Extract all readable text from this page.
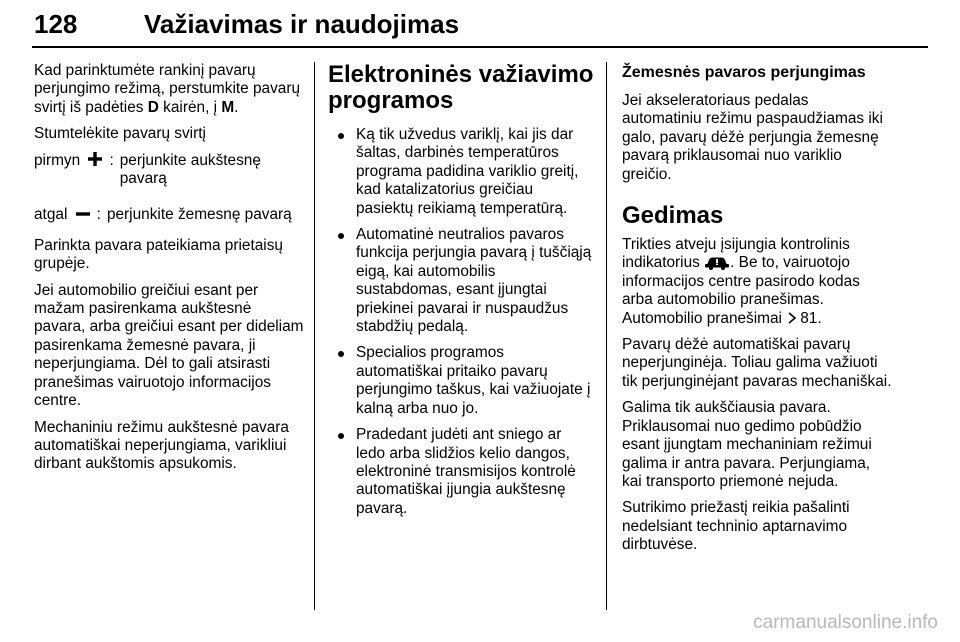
128	Važiavimas ir naudojimas

Kad parinktumėte rankinį pavarų perjungimo režimą, perstumkite pavarų svirtį iš padėties D kairėn, į M.

Stumtelėkite pavarų svirtį

pirmyn	: perjunkite aukštesnę pavarą
atgal	: perjunkite žemesnę pavarą

Parinkta pavara pateikiama prietaisų grupėje.

Jei automobilio greičiui esant per mažam pasirenkama aukštesnė pavara, arba greičiui esant per dideliam pasirenkama žemesnė pavara, ji neperjungiama. Dėl to gali atsirasti pranešimas vairuotojo informacijos centre.

Mechaniniu režimu aukštesnė pavara automatiškai neperjungiama, varikliui dirbant aukštomis apsukomis.

Elektroninės važiavimo programos
Ką tik užvedus variklį, kai jis dar šaltas, darbinės temperatūros programa padidina variklio greitį, kad katalizatorius greičiau pasiektų reikiamą temperatūrą.
Automatinė neutralios pavaros funkcija perjungia pavarą į tuščiąją eigą, kai automobilis sustabdomas, esant įjungtai priekinei pavarai ir nuspaudžus stabdžių pedalą.
Specialios programos automatiškai pritaiko pavarų perjungimo taškus, kai važiuojate į kalną arba nuo jo.
Pradedant judėti ant sniego ar ledo arba slidžios kelio dangos, elektroninė transmisijos kontrolė automatiškai įjungia aukštesnę pavarą.
Žemesnės pavaros perjungimas

Jei akseleratoriaus pedalas automatiniu režimu paspaudžiamas iki galo, pavarų dėžė perjungia žemesnę pavarą priklausomai nuo variklio greičio.

Gedimas

Trikties atveju įsijungia kontrolinis indikatorius . Be to, vairuotojo informacijos centre pasirodo kodas arba automobilio pranešimas. Automobilio pranešimai 81.

Pavarų dėžė automatiškai pavarų neperjunginėja. Toliau galima važiuoti tik perjunginėjant pavaras mechaniškai.

Galima tik aukščiausia pavara. Priklausomai nuo gedimo pobūdžio esant įjungtam mechaniniam režimui galima ir antra pavara. Perjungiama, kai transporto priemonė nejuda.

Sutrikimo priežastį reikia pašalinti nedelsiant techninio aptarnavimo dirbtuvėse.

carmanualsonline.info
